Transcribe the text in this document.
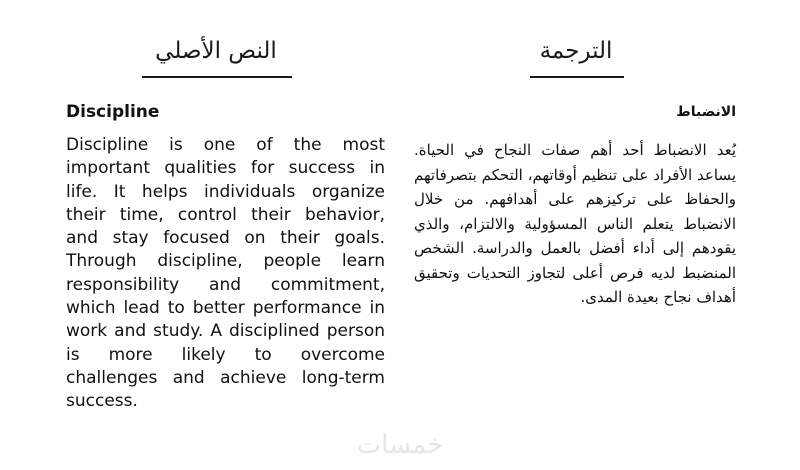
النص الأصلي	الترجمة
Discipline
Discipline is one of the most important qualities for success in life. It helps individuals organize their time, control their behavior, and stay focused on their goals. Through discipline, people learn responsibility and commitment, which lead to better performance in work and study. A disciplined person is more likely to overcome challenges and achieve long-term success.
الانضباط
يُعد الانضباط أحد أهم صفات النجاح في الحياة. يساعد الأفراد على تنظيم أوقاتهم، التحكم بتصرفاتهم والحفاظ على تركيزهم على أهدافهم. من خلال الانضباط يتعلم الناس المسؤولية والالتزام، والذي يقودهم إلى أداء أفضل بالعمل والدراسة. الشخص المنضبط لديه فرص أعلى لتجاوز التحديات وتحقيق أهداف نجاح بعيدة المدى.
خمسات
